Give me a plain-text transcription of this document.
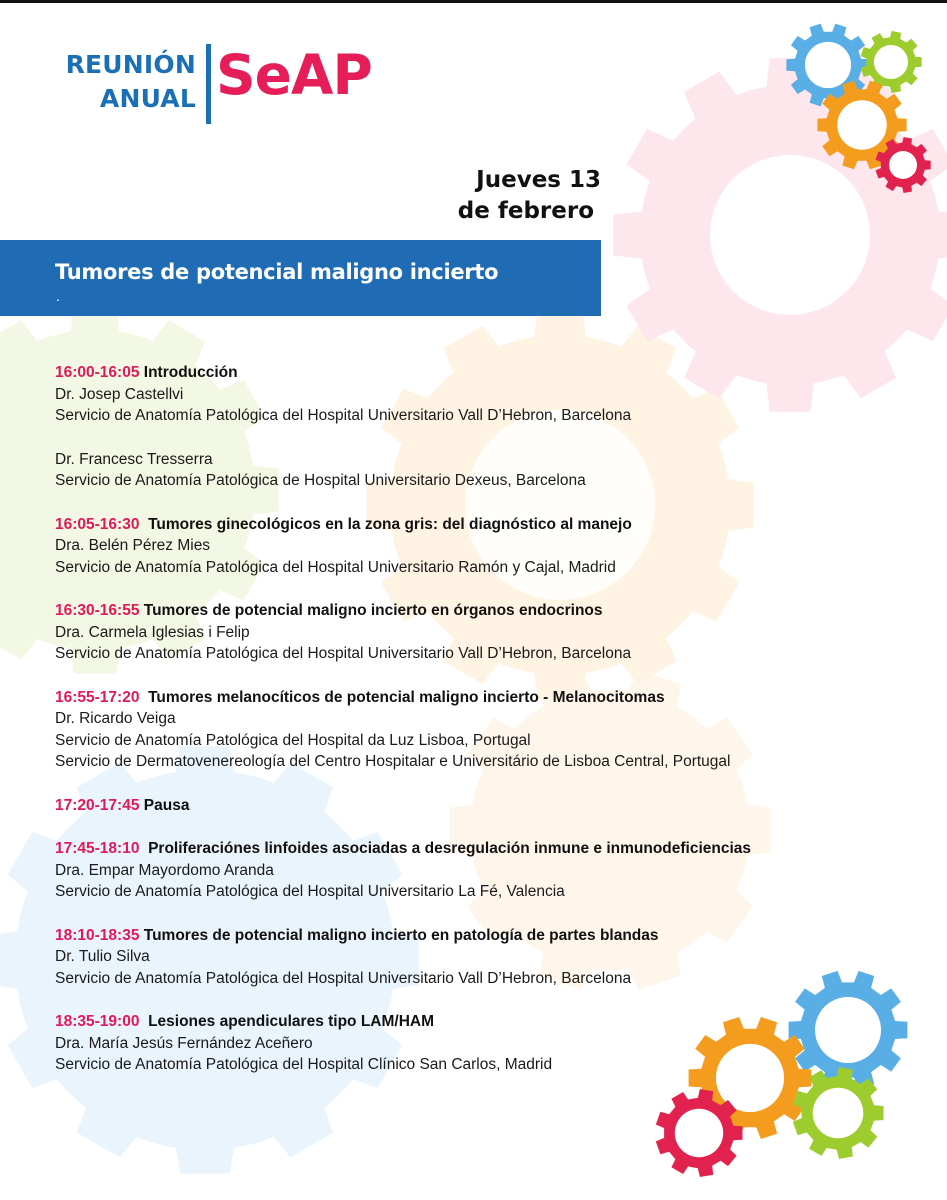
REUNIÓN
ANUAL SeAP
Jueves 13
de febrero
Tumores de potencial maligno incierto
.
16:00-16:05 Introducción
Dr. Josep Castellvi
Servicio de Anatomía Patológica del Hospital Universitario Vall D’Hebron, Barcelona
Dr. Francesc Tresserra
Servicio de Anatomía Patológica de Hospital Universitario Dexeus, Barcelona
16:05-16:30 Tumores ginecológicos en la zona gris: del diagnóstico al manejo
Dra. Belén Pérez Mies
Servicio de Anatomía Patológica del Hospital Universitario Ramón y Cajal, Madrid
16:30-16:55 Tumores de potencial maligno incierto en órganos endocrinos
Dra. Carmela Iglesias i Felip
Servicio de Anatomía Patológica del Hospital Universitario Vall D’Hebron, Barcelona
16:55-17:20 Tumores melanocíticos de potencial maligno incierto - Melanocitomas
Dr. Ricardo Veiga
Servicio de Anatomía Patológica del Hospital da Luz Lisboa, Portugal
Servicio de Dermatovenereología del Centro Hospitalar e Universitário de Lisboa Central, Portugal
17:20-17:45 Pausa
17:45-18:10 Proliferaciónes linfoides asociadas a desregulación inmune e inmunodeficiencias
Dra. Empar Mayordomo Aranda
Servicio de Anatomía Patológica del Hospital Universitario La Fé, Valencia
18:10-18:35 Tumores de potencial maligno incierto en patología de partes blandas
Dr. Tulio Silva
Servicio de Anatomía Patológica del Hospital Universitario Vall D’Hebron, Barcelona
18:35-19:00 Lesiones apendiculares tipo LAM/HAM
Dra. María Jesús Fernández Aceñero
Servicio de Anatomía Patológica del Hospital Clínico San Carlos, Madrid
